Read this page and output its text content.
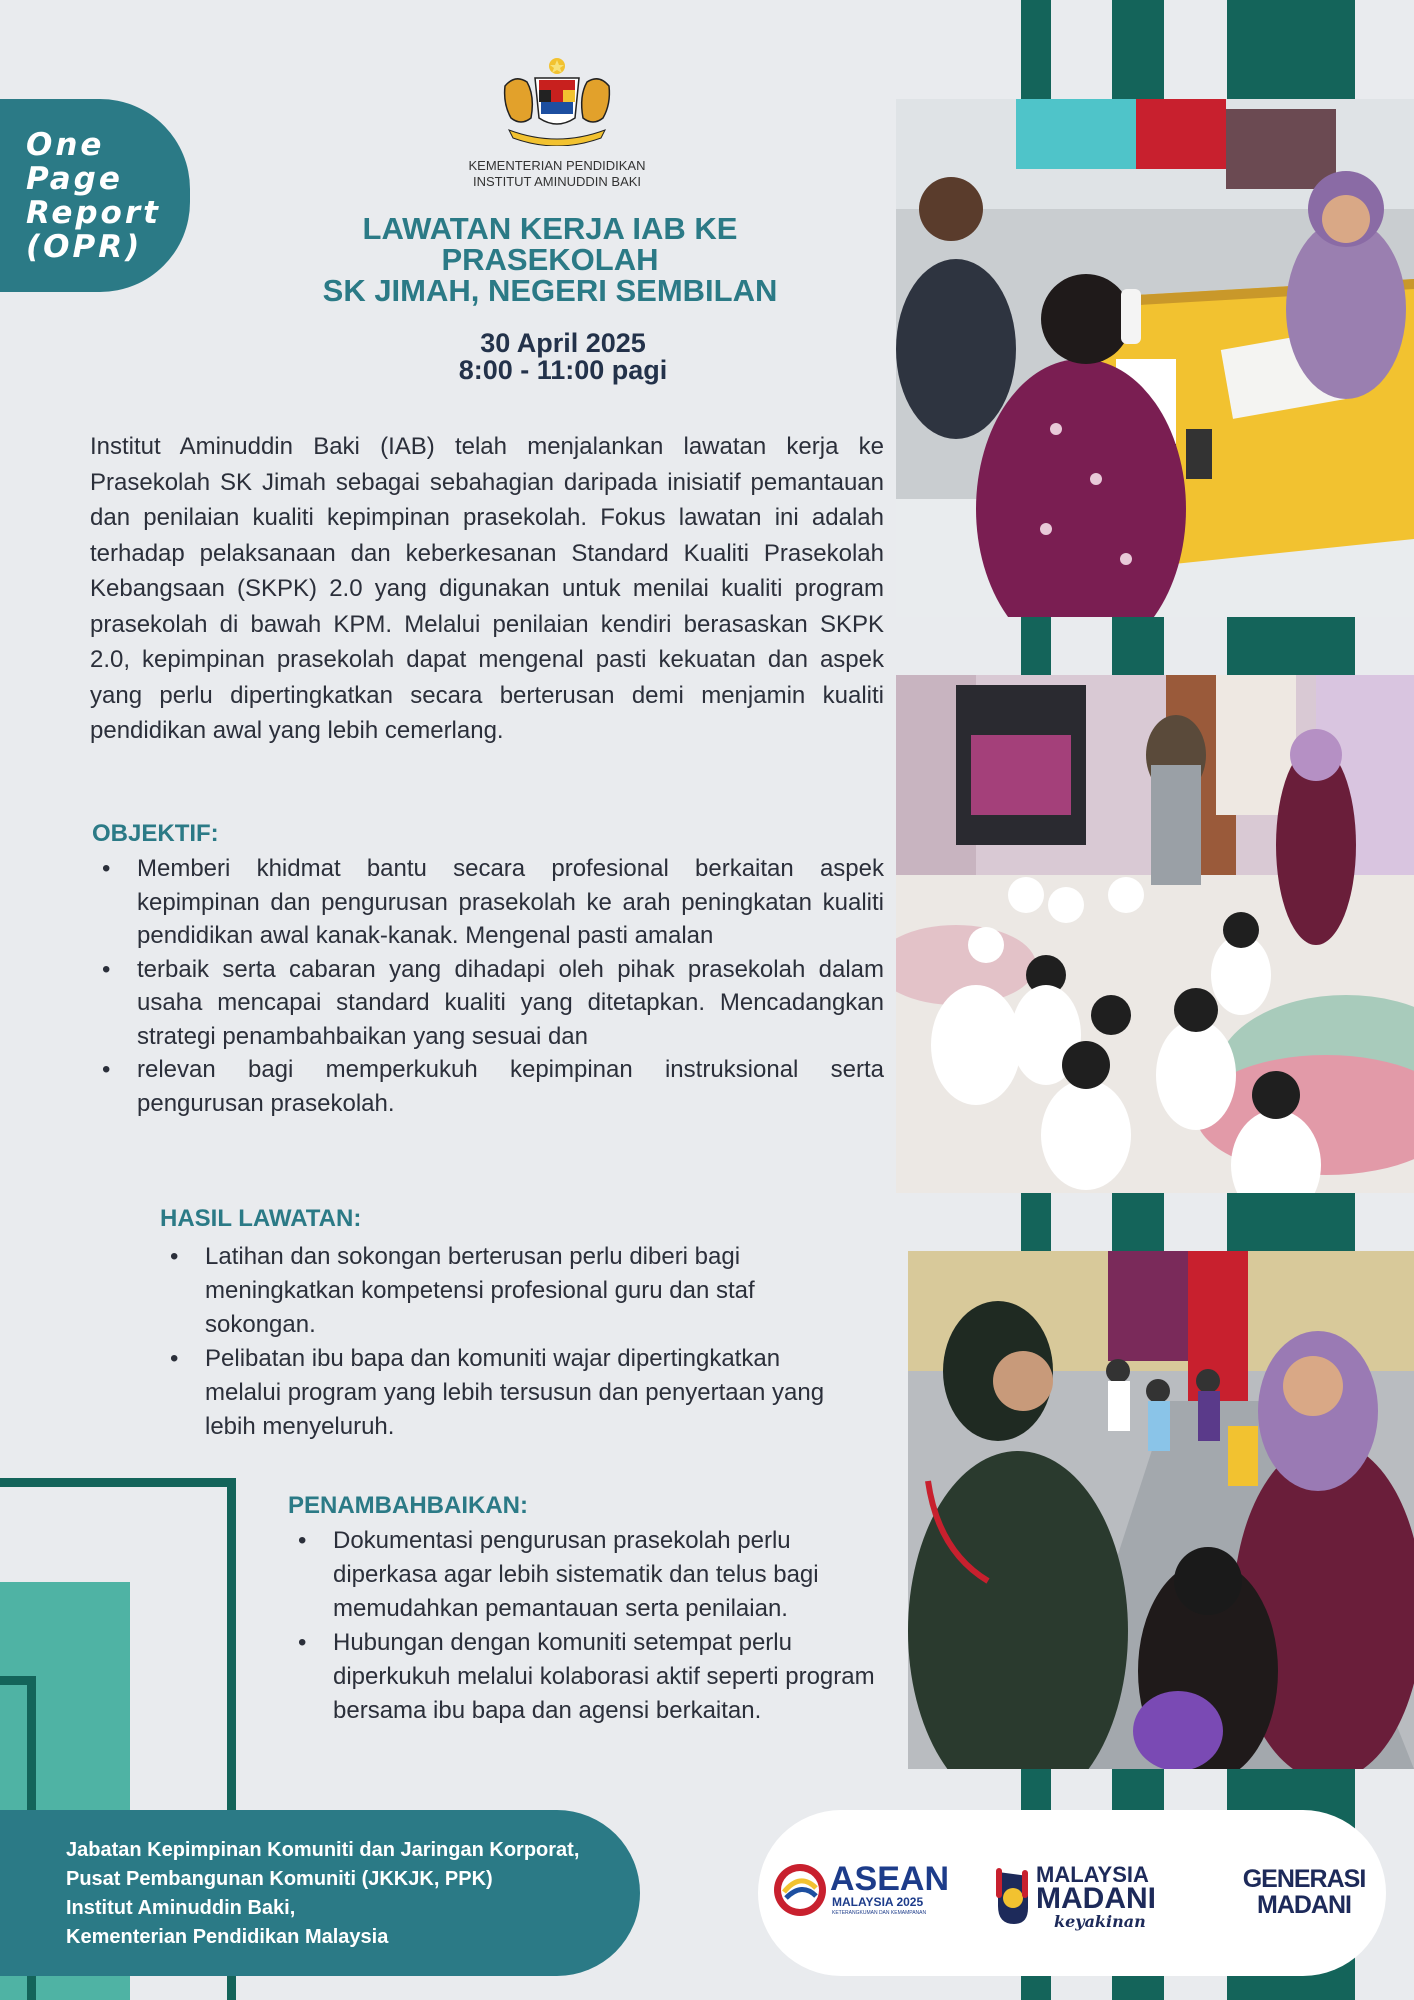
One
Page
Report
(OPR)
KEMENTERIAN PENDIDIKAN
INSTITUT AMINUDDIN BAKI
LAWATAN KERJA IAB KE
PRASEKOLAH
SK JIMAH, NEGERI SEMBILAN
30 April 2025
8:00 - 11:00 pagi
Institut Aminuddin Baki (IAB) telah menjalankan lawatan kerja ke Prasekolah SK Jimah sebagai sebahagian daripada inisiatif pemantauan dan penilaian kualiti kepimpinan prasekolah. Fokus lawatan ini adalah terhadap pelaksanaan dan keberkesanan Standard Kualiti Prasekolah Kebangsaan (SKPK) 2.0 yang digunakan untuk menilai kualiti program prasekolah di bawah KPM. Melalui penilaian kendiri berasaskan SKPK 2.0, kepimpinan prasekolah dapat mengenal pasti kekuatan dan aspek yang perlu dipertingkatkan secara berterusan demi menjamin kualiti pendidikan awal yang lebih cemerlang.
OBJEKTIF:
• Memberi khidmat bantu secara profesional berkaitan aspek kepimpinan dan pengurusan prasekolah ke arah peningkatan kualiti pendidikan awal kanak-kanak. Mengenal pasti amalan
• terbaik serta cabaran yang dihadapi oleh pihak prasekolah dalam usaha mencapai standard kualiti yang ditetapkan. Mencadangkan strategi penambahbaikan yang sesuai dan
• relevan bagi memperkukuh kepimpinan instruksional serta pengurusan prasekolah.
HASIL LAWATAN:
• Latihan dan sokongan berterusan perlu diberi bagi meningkatkan kompetensi profesional guru dan staf sokongan.
• Pelibatan ibu bapa dan komuniti wajar dipertingkatkan melalui program yang lebih tersusun dan penyertaan yang lebih menyeluruh.
PENAMBAHBAIKAN:
• Dokumentasi pengurusan prasekolah perlu diperkasa agar lebih sistematik dan telus bagi memudahkan pemantauan serta penilaian.
• Hubungan dengan komuniti setempat perlu diperkukuh melalui kolaborasi aktif seperti program bersama ibu bapa dan agensi berkaitan.
Jabatan Kepimpinan Komuniti dan Jaringan Korporat,
Pusat Pembangunan Komuniti (JKKJK, PPK)
Institut Aminuddin Baki,
Kementerian Pendidikan Malaysia
ASEAN
MALAYSIA 2025
KETERANGKUMAN DAN KEMAMPANAN
MALAYSIA
MADANI
keyakinan
GENERASI
MADANI
